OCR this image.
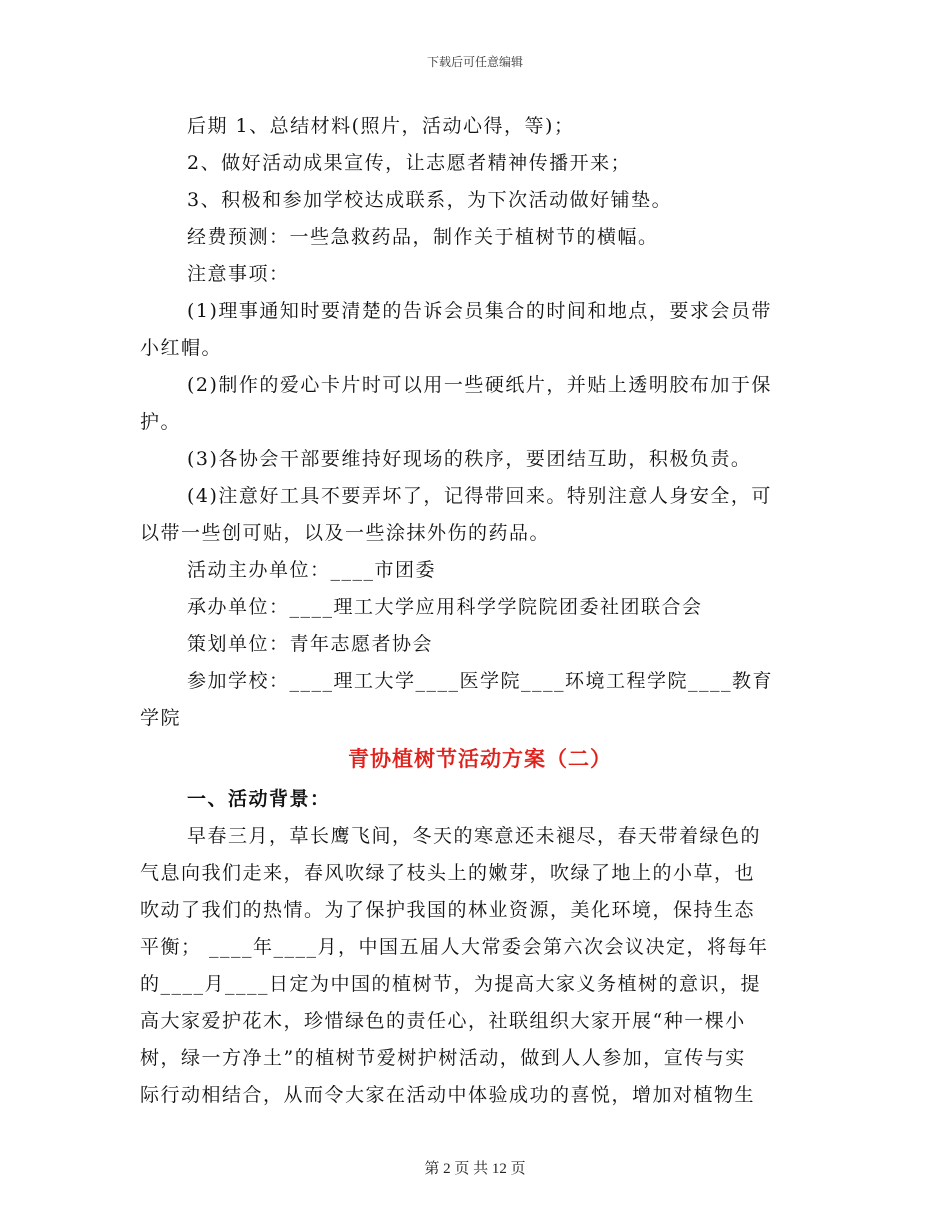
下载后可任意编辑
后期 1、总结材料(照片，活动心得，等)；
2、做好活动成果宣传，让志愿者精神传播开来；
3、积极和参加学校达成联系，为下次活动做好铺垫。
经费预测：一些急救药品，制作关于植树节的横幅。
注意事项：
(1)理事通知时要清楚的告诉会员集合的时间和地点，要求会员带
小红帽。
(2)制作的爱心卡片时可以用一些硬纸片，并贴上透明胶布加于保
护。
(3)各协会干部要维持好现场的秩序，要团结互助，积极负责。
(4)注意好工具不要弄坏了，记得带回来。特别注意人身安全，可
以带一些创可贴，以及一些涂抹外伤的药品。
活动主办单位：____市团委
承办单位：____理工大学应用科学学院院团委社团联合会
策划单位：青年志愿者协会
参加学校：____理工大学____医学院____环境工程学院____教育
学院
青协植树节活动方案（二）
一、活动背景：
早春三月，草长鹰飞间，冬天的寒意还未褪尽，春天带着绿色的
气息向我们走来，春风吹绿了枝头上的嫩芽，吹绿了地上的小草，也
吹动了我们的热情。为了保护我国的林业资源，美化环境，保持生态
平衡； ____年____月，中国五届人大常委会第六次会议决定，将每年
的____月____日定为中国的植树节，为提高大家义务植树的意识，提
高大家爱护花木，珍惜绿色的责任心，社联组织大家开展“种一棵小
树，绿一方净土”的植树节爱树护树活动，做到人人参加，宣传与实
际行动相结合，从而令大家在活动中体验成功的喜悦，增加对植物生
第 2 页 共 12 页
